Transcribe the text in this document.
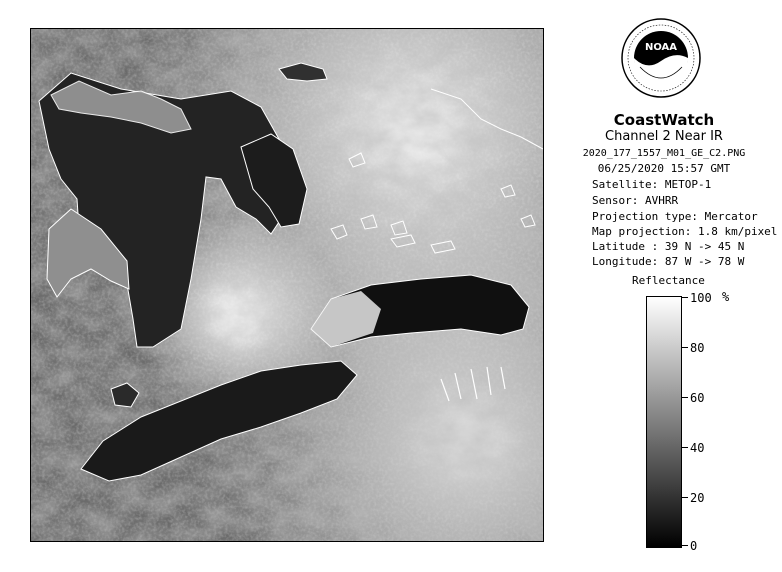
NOAA
CoastWatch
Channel 2 Near IR
2020_177_1557_M01_GE_C2.PNG
06/25/2020 15:57 GMT
Satellite: METOP-1
Sensor: AVHRR
Projection type: Mercator
Map projection: 1.8 km/pixel
Latitude : 39 N -> 45 N
Longitude: 87 W -> 78 W
Reflectance
%
100
80
60
40
20
0
